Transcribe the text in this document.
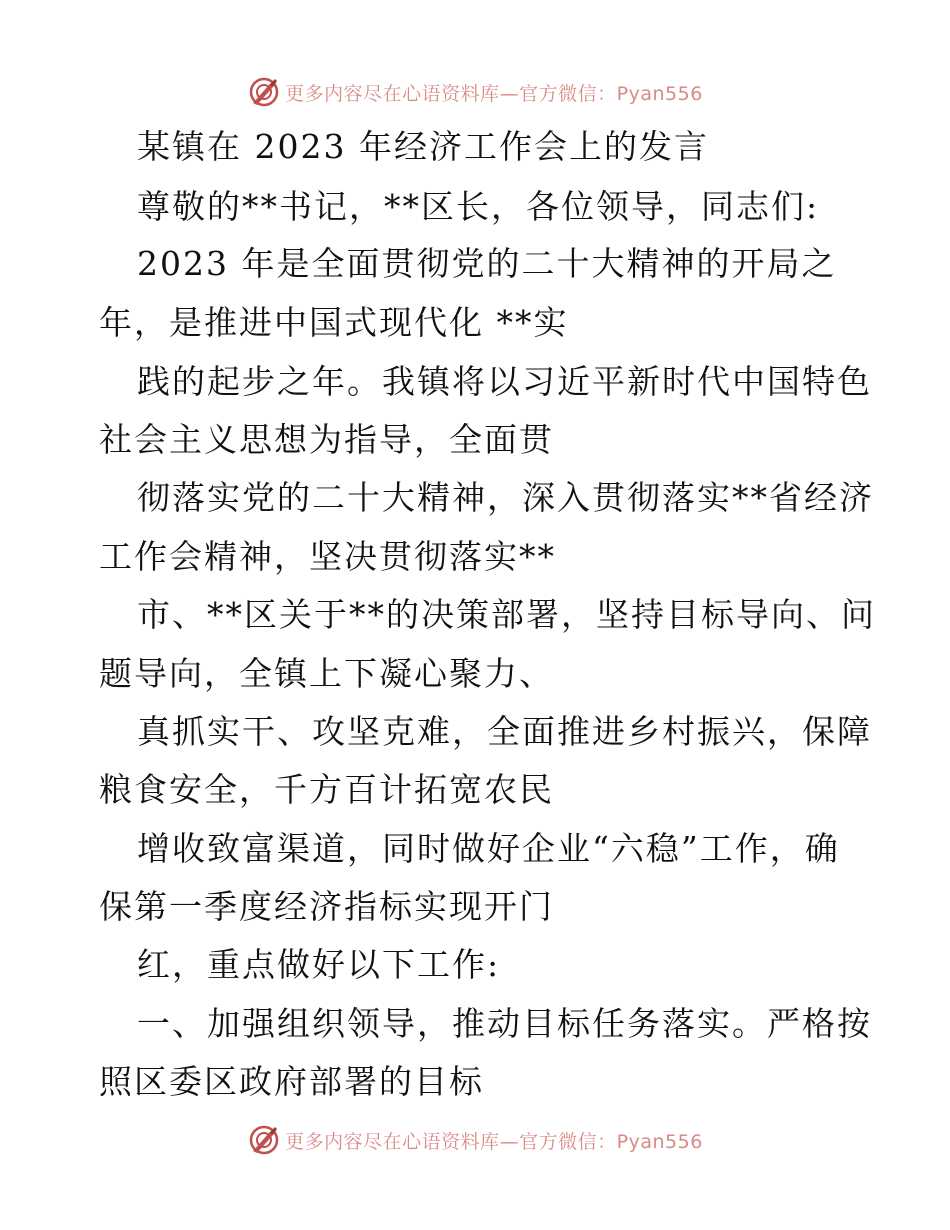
更多内容尽在心语资料库—官方微信：Pyan556
某镇在 2023 年经济工作会上的发言
尊敬的**书记，**区长，各位领导，同志们:
2023 年是全面贯彻党的二十大精神的开局之
年，是推进中国式现代化 **实
践的起步之年。我镇将以习近平新时代中国特色
社会主义思想为指导，全面贯
彻落实党的二十大精神，深入贯彻落实**省经济
工作会精神，坚决贯彻落实**
市、**区关于**的决策部署，坚持目标导向、问
题导向，全镇上下凝心聚力、
真抓实干、攻坚克难，全面推进乡村振兴，保障
粮食安全，千方百计拓宽农民
增收致富渠道，同时做好企业“六稳”工作，确
保第一季度经济指标实现开门
红，重点做好以下工作:
一、加强组织领导，推动目标任务落实。严格按
照区委区政府部署的目标
更多内容尽在心语资料库—官方微信：Pyan556
